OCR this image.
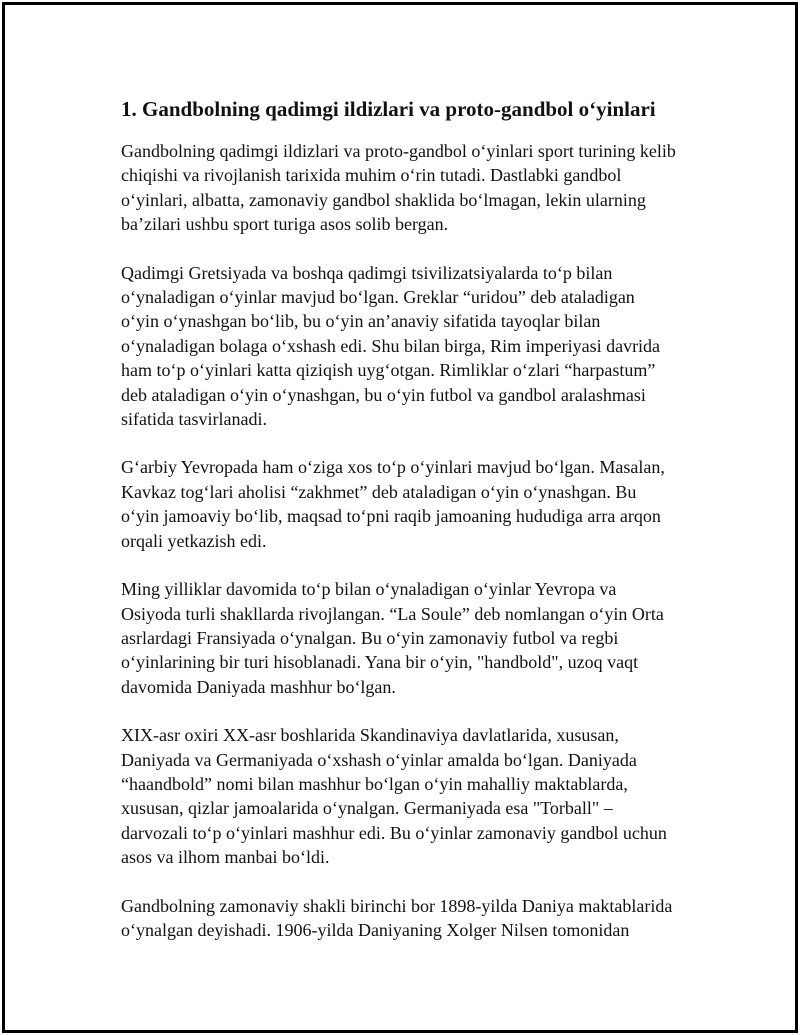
1. Gandbolning qadimgi ildizlari va proto-gandbol o‘yinlari

Gandbolning qadimgi ildizlari va proto-gandbol o‘yinlari sport turining kelib
chiqishi va rivojlanish tarixida muhim o‘rin tutadi. Dastlabki gandbol
o‘yinlari, albatta, zamonaviy gandbol shaklida bo‘lmagan, lekin ularning
ba’zilari ushbu sport turiga asos solib bergan.

Qadimgi Gretsiyada va boshqa qadimgi tsivilizatsiyalarda to‘p bilan
o‘ynaladigan o‘yinlar mavjud bo‘lgan. Greklar “uridou” deb ataladigan
o‘yin o‘ynashgan bo‘lib, bu o‘yin an’anaviy sifatida tayoqlar bilan
o‘ynaladigan bolaga o‘xshash edi. Shu bilan birga, Rim imperiyasi davrida
ham to‘p o‘yinlari katta qiziqish uyg‘otgan. Rimliklar o‘zlari “harpastum”
deb ataladigan o‘yin o‘ynashgan, bu o‘yin futbol va gandbol aralashmasi
sifatida tasvirlanadi.

G‘arbiy Yevropada ham o‘ziga xos to‘p o‘yinlari mavjud bo‘lgan. Masalan,
Kavkaz tog‘lari aholisi “zakhmet” deb ataladigan o‘yin o‘ynashgan. Bu
o‘yin jamoaviy bo‘lib, maqsad to‘pni raqib jamoaning hududiga arra arqon
orqali yetkazish edi.

Ming yilliklar davomida to‘p bilan o‘ynaladigan o‘yinlar Yevropa va
Osiyoda turli shakllarda rivojlangan. “La Soule” deb nomlangan o‘yin Orta
asrlardagi Fransiyada o‘ynalgan. Bu o‘yin zamonaviy futbol va regbi
o‘yinlarining bir turi hisoblanadi. Yana bir o‘yin, "handbold", uzoq vaqt
davomida Daniyada mashhur bo‘lgan.

XIX-asr oxiri XX-asr boshlarida Skandinaviya davlatlarida, xususan,
Daniyada va Germaniyada o‘xshash o‘yinlar amalda bo‘lgan. Daniyada
“haandbold” nomi bilan mashhur bo‘lgan o‘yin mahalliy maktablarda,
xususan, qizlar jamoalarida o‘ynalgan. Germaniyada esa "Torball" –
darvozali to‘p o‘yinlari mashhur edi. Bu o‘yinlar zamonaviy gandbol uchun
asos va ilhom manbai bo‘ldi.

Gandbolning zamonaviy shakli birinchi bor 1898-yilda Daniya maktablarida
o‘ynalgan deyishadi. 1906-yilda Daniyaning Xolger Nilsen tomonidan
